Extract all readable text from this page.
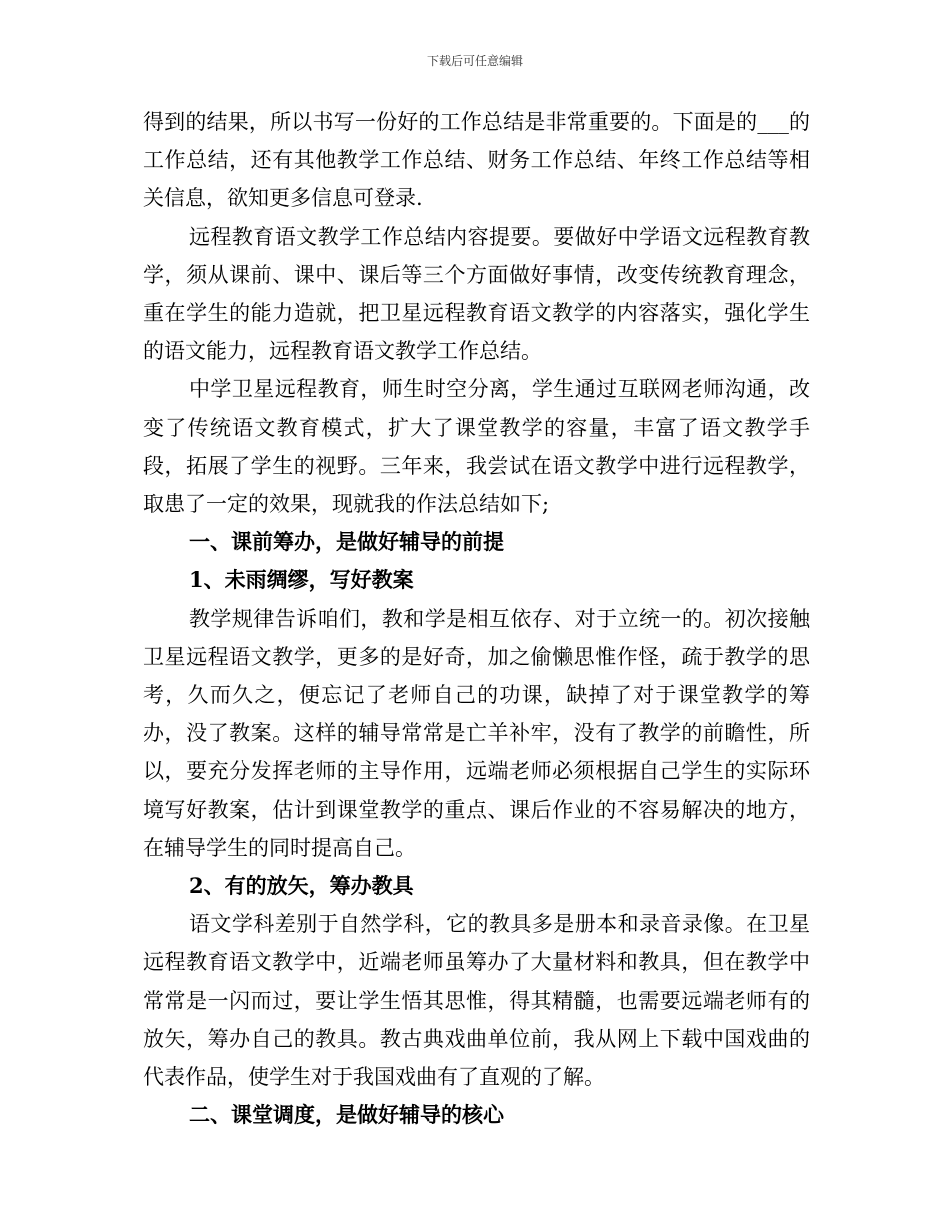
下载后可任意编辑

得到的结果，所以书写一份好的工作总结是非常重要的。下面是的___的工作总结，还有其他教学工作总结、财务工作总结、年终工作总结等相关信息，欲知更多信息可登录.

远程教育语文教学工作总结内容提要。要做好中学语文远程教育教学，须从课前、课中、课后等三个方面做好事情，改变传统教育理念，重在学生的能力造就，把卫星远程教育语文教学的内容落实，强化学生的语文能力，远程教育语文教学工作总结。

中学卫星远程教育，师生时空分离，学生通过互联网老师沟通，改变了传统语文教育模式，扩大了课堂教学的容量，丰富了语文教学手段，拓展了学生的视野。三年来，我尝试在语文教学中进行远程教学，取患了一定的效果，现就我的作法总结如下;

一、课前筹办，是做好辅导的前提

1、未雨绸缪，写好教案

教学规律告诉咱们，教和学是相互依存、对于立统一的。初次接触卫星远程语文教学，更多的是好奇，加之偷懒思惟作怪，疏于教学的思考，久而久之，便忘记了老师自己的功课，缺掉了对于课堂教学的筹办，没了教案。这样的辅导常常是亡羊补牢，没有了教学的前瞻性，所以，要充分发挥老师的主导作用，远端老师必须根据自己学生的实际环境写好教案，估计到课堂教学的重点、课后作业的不容易解决的地方，在辅导学生的同时提高自己。

2、有的放矢，筹办教具

语文学科差别于自然学科，它的教具多是册本和录音录像。在卫星远程教育语文教学中，近端老师虽筹办了大量材料和教具，但在教学中常常是一闪而过，要让学生悟其思惟，得其精髓，也需要远端老师有的放矢，筹办自己的教具。教古典戏曲单位前，我从网上下载中国戏曲的代表作品，使学生对于我国戏曲有了直观的了解。

二、课堂调度，是做好辅导的核心
